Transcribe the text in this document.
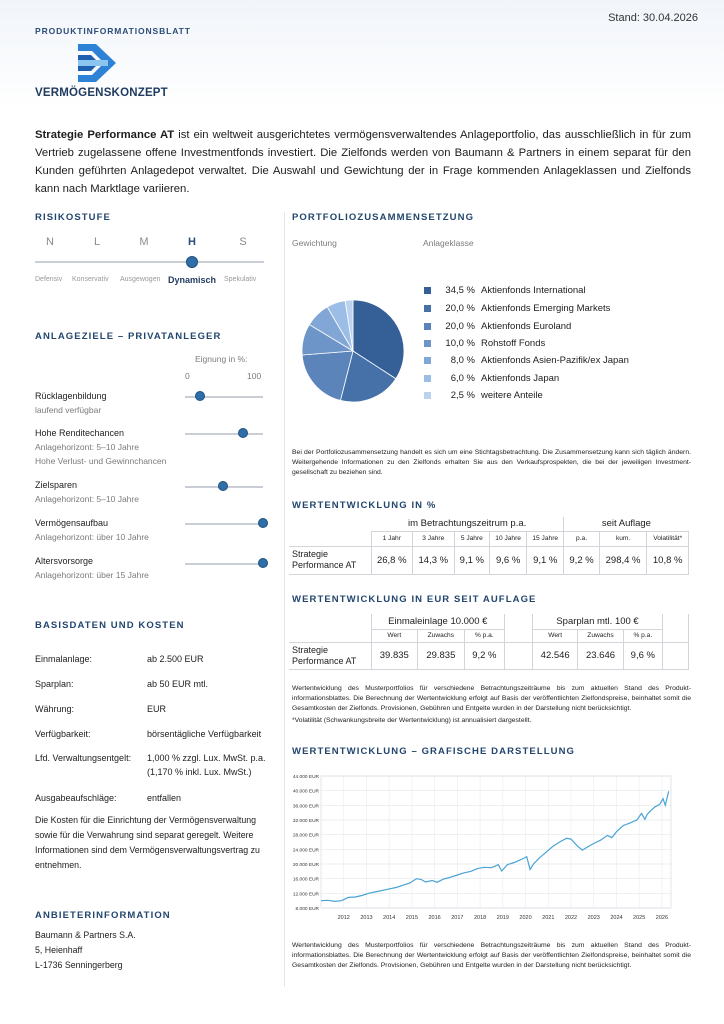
PRODUKTINFORMATIONSBLATT
Stand: 30.04.2026
VERMÖGENSKONZEPT

Strategie Performance AT ist ein weltweit ausgerichtetes vermögensverwaltendes Anlageportfolio, das ausschließlich in für zum Vertrieb zugelassene offene Investmentfonds investiert. Die Zielfonds werden von Baumann & Partners in einem separat für den Kunden geführten Anlagedepot verwaltet. Die Auswahl und Gewichtung der in Frage kommenden Anlageklassen und Zielfonds kann nach Marktlage variieren.

RISIKOSTUFE
N	L	M	H	S
Defensiv Konservativ Ausgewogen Dynamisch Spekulativ
ANLAGEZIELE – PRIVATANLEGER
Eignung in %:
0	100
Rücklagenbildung
laufend verfügbar
Hohe Renditechancen
Anlagehorizont: 5–10 Jahre
Hohe Verlust- und Gewinnchancen
Zielsparen
Anlagehorizont: 5–10 Jahre
Vermögensaufbau
Anlagehorizont: über 10 Jahre
Altersvorsorge
Anlagehorizont: über 15 Jahre
BASISDATEN UND KOSTEN
Einmalanlage:	ab 2.500 EUR
Sparplan:	ab 50 EUR mtl.
Währung:	EUR
Verfügbarkeit:	börsentägliche Verfügbarkeit
Lfd. Verwaltungsentgelt: 1,000 % zzgl. Lux. MwSt. p.a.
(1,170 % inkl. Lux. MwSt.)
Ausgabeaufschläge:	entfallen

Die Kosten für die Einrichtung der Vermögensverwaltung sowie für die Verwahrung sind separat geregelt. Weitere Informationen sind dem Vermögensverwaltungsvertrag zu entnehmen.

ANBIETERINFORMATION
Baumann & Partners S.A.
5, Heienhaff
L-1736 Senningerberg
PORTFOLIOZUSAMMENSETZUNG
Gewichtung	Anlageklasse
34,5 % Aktienfonds International
20,0 % Aktienfonds Emerging Markets
20,0 % Aktienfonds Euroland
10,0 % Rohstoff Fonds
8,0 % Aktienfonds Asien-Pazifik/ex Japan
6,0 % Aktienfonds Japan
2,5 % weitere Anteile

Bei der Portfoliozusammensetzung handelt es sich um eine Stichtagsbetrachtung. Die Zusammensetzung kann sich täglich ändern. Weitergehende Informationen zu den Zielfonds erhalten Sie aus den Verkaufsprospekten, die bei der jeweiligen Investment-gesellschaft zu beziehen sind.

WERTENTWICKLUNG IN %
	im Betrachtungszeitrum p.a.					seit Auflage		
	1 Jahr	3 Jahre	5 Jahre	10 Jahre	15 Jahre	p.a.	kum.	Volatilität*
Strategie
Performance AT	26,8 %	14,3 %	9,1 %	9,6 %	9,1 %	9,2 %	298,4 %	10,8 %
WERTENTWICKLUNG IN EUR SEIT AUFLAGE
	Einmaleinlage 10.000 €				Sparplan mtl. 100 €			
	Wert	Zuwachs	% p.a.		Wert	Zuwachs	% p.a.	
Strategie
Performance AT	39.835	29.835	9,2 %		42.546	23.646	9,6 %	

Wertentwicklung des Musterportfolios für verschiedene Betrachtungszeiträume bis zum aktuellen Stand des Produkt-informationsblattes. Die Berechnung der Wertentwicklung erfolgt auf Basis der veröffentlichten Zielfondspreise, beinhaltet somit die Gesamtkosten der Zielfonds. Provisionen, Gebühren und Entgelte wurden in der Darstellung nicht berücksichtigt.

*Volatilität (Schwankungsbreite der Wertentwicklung) ist annualisiert dargestellt.

WERTENTWICKLUNG – GRAFISCHE DARSTELLUNG
8.000 EUR
12.000 EUR
16.000 EUR
20.000 EUR
24.000 EUR
28.000 EUR
32.000 EUR
36.000 EUR
40.000 EUR
44.000 EUR
2012 2013 2014 2015 2016 2017 2018 2019 2020 2021 2022 2023 2024 2025 2026

Wertentwicklung des Musterportfolios für verschiedene Betrachtungszeiträume bis zum aktuellen Stand des Produkt-informationsblattes. Die Berechnung der Wertentwicklung erfolgt auf Basis der veröffentlichten Zielfondspreise, beinhaltet somit die Gesamtkosten der Zielfonds. Provisionen, Gebühren und Entgelte wurden in der Darstellung nicht berücksichtigt.
